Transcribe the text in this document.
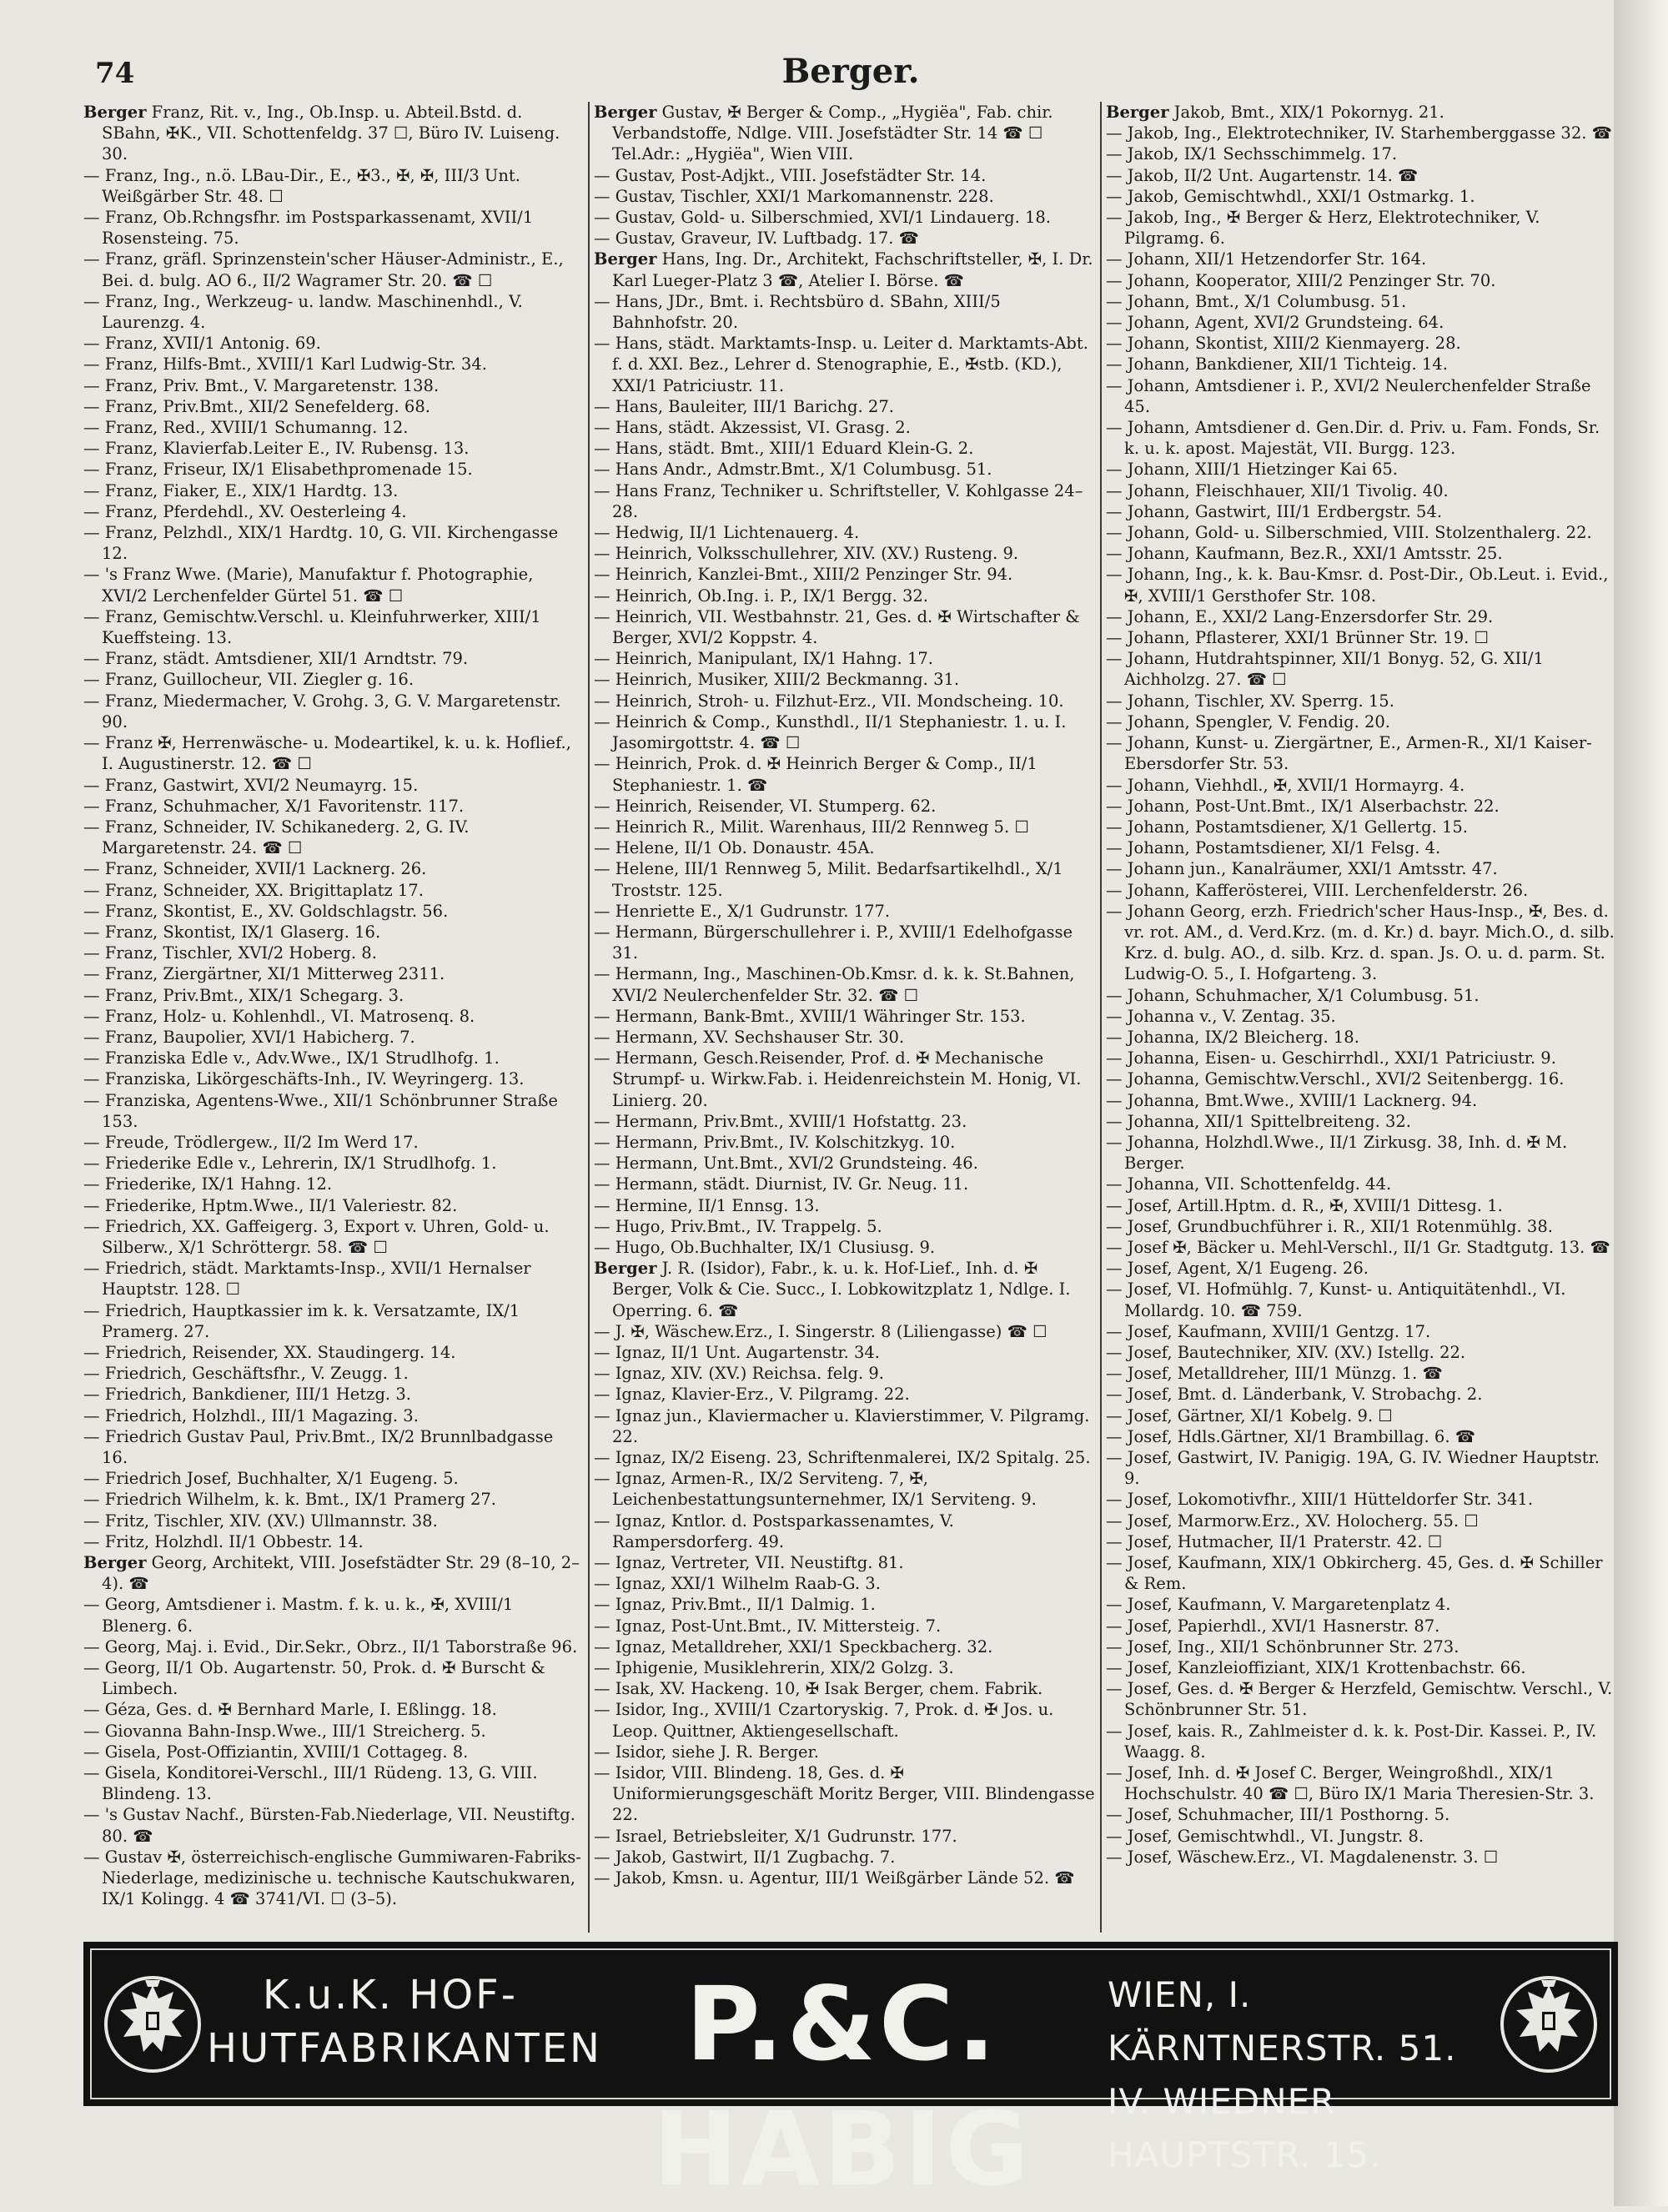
74	Berger.
Berger Franz, Rit. v., Ing., Ob.Insp. u. Abteil.Bstd. d. SBahn, ✠K., VII. Schottenfeldg. 37 ☐, Büro IV. Luiseng. 30.
— Franz, Ing., n.ö. LBau-Dir., E., ✠3., ✠, ✠, III/3 Unt. Weißgärber Str. 48. ☐
— Franz, Ob.Rchngsfhr. im Postsparkassenamt, XVII/1 Rosensteing. 75.
— Franz, gräfl. Sprinzenstein'scher Häuser-Administr., E., Bei. d. bulg. AO 6., II/2 Wagramer Str. 20. ☎ ☐
— Franz, Ing., Werkzeug- u. landw. Maschinenhdl., V. Laurenzg. 4.
— Franz, XVII/1 Antonig. 69.
— Franz, Hilfs-Bmt., XVIII/1 Karl Ludwig-Str. 34.
— Franz, Priv. Bmt., V. Margaretenstr. 138.
— Franz, Priv.Bmt., XII/2 Senefelderg. 68.
— Franz, Red., XVIII/1 Schumanng. 12.
— Franz, Klavierfab.Leiter E., IV. Rubensg. 13.
— Franz, Friseur, IX/1 Elisabethpromenade 15.
— Franz, Fiaker, E., XIX/1 Hardtg. 13.
— Franz, Pferdehdl., XV. Oesterleing 4.
— Franz, Pelzhdl., XIX/1 Hardtg. 10, G. VII. Kirchengasse 12.
— 's Franz Wwe. (Marie), Manufaktur f. Photographie, XVI/2 Lerchenfelder Gürtel 51. ☎ ☐
— Franz, Gemischtw.Verschl. u. Kleinfuhrwerker, XIII/1 Kueffsteing. 13.
— Franz, städt. Amtsdiener, XII/1 Arndtstr. 79.
— Franz, Guillocheur, VII. Ziegler g. 16.
— Franz, Miedermacher, V. Grohg. 3, G. V. Margaretenstr. 90.
— Franz ✠, Herrenwäsche- u. Modeartikel, k. u. k. Hoflief., I. Augustinerstr. 12. ☎ ☐
— Franz, Gastwirt, XVI/2 Neumayrg. 15.
— Franz, Schuhmacher, X/1 Favoritenstr. 117.
— Franz, Schneider, IV. Schikanederg. 2, G. IV. Margaretenstr. 24. ☎ ☐
— Franz, Schneider, XVII/1 Lacknerg. 26.
— Franz, Schneider, XX. Brigittaplatz 17.
— Franz, Skontist, E., XV. Goldschlagstr. 56.
— Franz, Skontist, IX/1 Glaserg. 16.
— Franz, Tischler, XVI/2 Hoberg. 8.
— Franz, Ziergärtner, XI/1 Mitterweg 2311.
— Franz, Priv.Bmt., XIX/1 Schegarg. 3.
— Franz, Holz- u. Kohlenhdl., VI. Matrosenq. 8.
— Franz, Baupolier, XVI/1 Habicherg. 7.
— Franziska Edle v., Adv.Wwe., IX/1 Strudlhofg. 1.
— Franziska, Likörgeschäfts-Inh., IV. Weyringerg. 13.
— Franziska, Agentens-Wwe., XII/1 Schönbrunner Straße 153.
— Freude, Trödlergew., II/2 Im Werd 17.
— Friederike Edle v., Lehrerin, IX/1 Strudlhofg. 1.
— Friederike, IX/1 Hahng. 12.
— Friederike, Hptm.Wwe., II/1 Valeriestr. 82.
— Friedrich, XX. Gaffeigerg. 3, Export v. Uhren, Gold- u. Silberw., X/1 Schröttergr. 58. ☎ ☐
— Friedrich, städt. Marktamts-Insp., XVII/1 Hernalser Hauptstr. 128. ☐
— Friedrich, Hauptkassier im k. k. Versatzamte, IX/1 Pramerg. 27.
— Friedrich, Reisender, XX. Staudingerg. 14.
— Friedrich, Geschäftsfhr., V. Zeugg. 1.
— Friedrich, Bankdiener, III/1 Hetzg. 3.
— Friedrich, Holzhdl., III/1 Magazing. 3.
— Friedrich Gustav Paul, Priv.Bmt., IX/2 Brunnlbadgasse 16.
— Friedrich Josef, Buchhalter, X/1 Eugeng. 5.
— Friedrich Wilhelm, k. k. Bmt., IX/1 Pramerg 27.
— Fritz, Tischler, XIV. (XV.) Ullmannstr. 38.
— Fritz, Holzhdl. II/1 Obbestr. 14.
Berger Georg, Architekt, VIII. Josefstädter Str. 29 (8–10, 2–4). ☎
— Georg, Amtsdiener i. Mastm. f. k. u. k., ✠, XVIII/1 Blenerg. 6.
— Georg, Maj. i. Evid., Dir.Sekr., Obrz., II/1 Taborstraße 96.
— Georg, II/1 Ob. Augartenstr. 50, Prok. d. ✠ Burscht & Limbech.
— Géza, Ges. d. ✠ Bernhard Marle, I. Eßlingg. 18.
— Giovanna Bahn-Insp.Wwe., III/1 Streicherg. 5.
— Gisela, Post-Offiziantin, XVIII/1 Cottageg. 8.
— Gisela, Konditorei-Verschl., III/1 Rüdeng. 13, G. VIII. Blindeng. 13.
— 's Gustav Nachf., Bürsten-Fab.Niederlage, VII. Neustiftg. 80. ☎
— Gustav ✠, österreichisch-englische Gummiwaren-Fabriks-Niederlage, medizinische u. technische Kautschukwaren, IX/1 Kolingg. 4 ☎ 3741/VI. ☐ (3–5).
Berger Gustav, ✠ Berger & Comp., „Hygiëa", Fab. chir. Verbandstoffe, Ndlge. VIII. Josefstädter Str. 14 ☎ ☐ Tel.Adr.: „Hygiëa", Wien VIII.
— Gustav, Post-Adjkt., VIII. Josefstädter Str. 14.
— Gustav, Tischler, XXI/1 Markomannenstr. 228.
— Gustav, Gold- u. Silberschmied, XVI/1 Lindauerg. 18.
— Gustav, Graveur, IV. Luftbadg. 17. ☎
Berger Hans, Ing. Dr., Architekt, Fachschriftsteller, ✠, I. Dr. Karl Lueger-Platz 3 ☎, Atelier I. Börse. ☎
— Hans, JDr., Bmt. i. Rechtsbüro d. SBahn, XIII/5 Bahnhofstr. 20.
— Hans, städt. Marktamts-Insp. u. Leiter d. Marktamts-Abt. f. d. XXI. Bez., Lehrer d. Stenographie, E., ✠stb. (KD.), XXI/1 Patriciustr. 11.
— Hans, Bauleiter, III/1 Barichg. 27.
— Hans, städt. Akzessist, VI. Grasg. 2.
— Hans, städt. Bmt., XIII/1 Eduard Klein-G. 2.
— Hans Andr., Admstr.Bmt., X/1 Columbusg. 51.
— Hans Franz, Techniker u. Schriftsteller, V. Kohlgasse 24–28.
— Hedwig, II/1 Lichtenauerg. 4.
— Heinrich, Volksschullehrer, XIV. (XV.) Rusteng. 9.
— Heinrich, Kanzlei-Bmt., XIII/2 Penzinger Str. 94.
— Heinrich, Ob.Ing. i. P., IX/1 Bergg. 32.
— Heinrich, VII. Westbahnstr. 21, Ges. d. ✠ Wirtschafter & Berger, XVI/2 Koppstr. 4.
— Heinrich, Manipulant, IX/1 Hahng. 17.
— Heinrich, Musiker, XIII/2 Beckmanng. 31.
— Heinrich, Stroh- u. Filzhut-Erz., VII. Mondscheing. 10.
— Heinrich & Comp., Kunsthdl., II/1 Stephaniestr. 1. u. I. Jasomirgottstr. 4. ☎ ☐
— Heinrich, Prok. d. ✠ Heinrich Berger & Comp., II/1 Stephaniestr. 1. ☎
— Heinrich, Reisender, VI. Stumperg. 62.
— Heinrich R., Milit. Warenhaus, III/2 Rennweg 5. ☐
— Helene, II/1 Ob. Donaustr. 45A.
— Helene, III/1 Rennweg 5, Milit. Bedarfsartikelhdl., X/1 Troststr. 125.
— Henriette E., X/1 Gudrunstr. 177.
— Hermann, Bürgerschullehrer i. P., XVIII/1 Edelhofgasse 31.
— Hermann, Ing., Maschinen-Ob.Kmsr. d. k. k. St.Bahnen, XVI/2 Neulerchenfelder Str. 32. ☎ ☐
— Hermann, Bank-Bmt., XVIII/1 Währinger Str. 153.
— Hermann, XV. Sechshauser Str. 30.
— Hermann, Gesch.Reisender, Prof. d. ✠ Mechanische Strumpf- u. Wirkw.Fab. i. Heidenreichstein M. Honig, VI. Linierg. 20.
— Hermann, Priv.Bmt., XVIII/1 Hofstattg. 23.
— Hermann, Priv.Bmt., IV. Kolschitzkyg. 10.
— Hermann, Unt.Bmt., XVI/2 Grundsteing. 46.
— Hermann, städt. Diurnist, IV. Gr. Neug. 11.
— Hermine, II/1 Ennsg. 13.
— Hugo, Priv.Bmt., IV. Trappelg. 5.
— Hugo, Ob.Buchhalter, IX/1 Clusiusg. 9.
Berger J. R. (Isidor), Fabr., k. u. k. Hof-Lief., Inh. d. ✠ Berger, Volk & Cie. Succ., I. Lobkowitzplatz 1, Ndlge. I. Operring. 6. ☎
— J. ✠, Wäschew.Erz., I. Singerstr. 8 (Liliengasse) ☎ ☐
— Ignaz, II/1 Unt. Augartenstr. 34.
— Ignaz, XIV. (XV.) Reichsa. felg. 9.
— Ignaz, Klavier-Erz., V. Pilgramg. 22.
— Ignaz jun., Klaviermacher u. Klavierstimmer, V. Pilgramg. 22.
— Ignaz, IX/2 Eiseng. 23, Schriftenmalerei, IX/2 Spitalg. 25.
— Ignaz, Armen-R., IX/2 Serviteng. 7, ✠, Leichenbestattungsunternehmer, IX/1 Serviteng. 9.
— Ignaz, Kntlor. d. Postsparkassenamtes, V. Rampersdorferg. 49.
— Ignaz, Vertreter, VII. Neustiftg. 81.
— Ignaz, XXI/1 Wilhelm Raab-G. 3.
— Ignaz, Priv.Bmt., II/1 Dalmig. 1.
— Ignaz, Post-Unt.Bmt., IV. Mittersteig. 7.
— Ignaz, Metalldreher, XXI/1 Speckbacherg. 32.
— Iphigenie, Musiklehrerin, XIX/2 Golzg. 3.
— Isak, XV. Hackeng. 10, ✠ Isak Berger, chem. Fabrik.
— Isidor, Ing., XVIII/1 Czartoryskig. 7, Prok. d. ✠ Jos. u. Leop. Quittner, Aktiengesellschaft.
— Isidor, siehe J. R. Berger.
— Isidor, VIII. Blindeng. 18, Ges. d. ✠ Uniformierungsgeschäft Moritz Berger, VIII. Blindengasse 22.
— Israel, Betriebsleiter, X/1 Gudrunstr. 177.
— Jakob, Gastwirt, II/1 Zugbachg. 7.
— Jakob, Kmsn. u. Agentur, III/1 Weißgärber Lände 52. ☎
Berger Jakob, Bmt., XIX/1 Pokornyg. 21.
— Jakob, Ing., Elektrotechniker, IV. Starhemberggasse 32. ☎
— Jakob, IX/1 Sechsschimmelg. 17.
— Jakob, II/2 Unt. Augartenstr. 14. ☎
— Jakob, Gemischtwhdl., XXI/1 Ostmarkg. 1.
— Jakob, Ing., ✠ Berger & Herz, Elektrotechniker, V. Pilgramg. 6.
— Johann, XII/1 Hetzendorfer Str. 164.
— Johann, Kooperator, XIII/2 Penzinger Str. 70.
— Johann, Bmt., X/1 Columbusg. 51.
— Johann, Agent, XVI/2 Grundsteing. 64.
— Johann, Skontist, XIII/2 Kienmayerg. 28.
— Johann, Bankdiener, XII/1 Tichteig. 14.
— Johann, Amtsdiener i. P., XVI/2 Neulerchenfelder Straße 45.
— Johann, Amtsdiener d. Gen.Dir. d. Priv. u. Fam. Fonds, Sr. k. u. k. apost. Majestät, VII. Burgg. 123.
— Johann, XIII/1 Hietzinger Kai 65.
— Johann, Fleischhauer, XII/1 Tivolig. 40.
— Johann, Gastwirt, III/1 Erdbergstr. 54.
— Johann, Gold- u. Silberschmied, VIII. Stolzenthalerg. 22.
— Johann, Kaufmann, Bez.R., XXI/1 Amtsstr. 25.
— Johann, Ing., k. k. Bau-Kmsr. d. Post-Dir., Ob.Leut. i. Evid., ✠, XVIII/1 Gersthofer Str. 108.
— Johann, E., XXI/2 Lang-Enzersdorfer Str. 29.
— Johann, Pflasterer, XXI/1 Brünner Str. 19. ☐
— Johann, Hutdrahtspinner, XII/1 Bonyg. 52, G. XII/1 Aichholzg. 27. ☎ ☐
— Johann, Tischler, XV. Sperrg. 15.
— Johann, Spengler, V. Fendig. 20.
— Johann, Kunst- u. Ziergärtner, E., Armen-R., XI/1 Kaiser-Ebersdorfer Str. 53.
— Johann, Viehhdl., ✠, XVII/1 Hormayrg. 4.
— Johann, Post-Unt.Bmt., IX/1 Alserbachstr. 22.
— Johann, Postamtsdiener, X/1 Gellertg. 15.
— Johann, Postamtsdiener, XI/1 Felsg. 4.
— Johann jun., Kanalräumer, XXI/1 Amtsstr. 47.
— Johann, Kafferösterei, VIII. Lerchenfelderstr. 26.
— Johann Georg, erzh. Friedrich'scher Haus-Insp., ✠, Bes. d. vr. rot. AM., d. Verd.Krz. (m. d. Kr.) d. bayr. Mich.O., d. silb. Krz. d. bulg. AO., d. silb. Krz. d. span. Js. O. u. d. parm. St. Ludwig-O. 5., I. Hofgarteng. 3.
— Johann, Schuhmacher, X/1 Columbusg. 51.
— Johanna v., V. Zentag. 35.
— Johanna, IX/2 Bleicherg. 18.
— Johanna, Eisen- u. Geschirrhdl., XXI/1 Patriciustr. 9.
— Johanna, Gemischtw.Verschl., XVI/2 Seitenbergg. 16.
— Johanna, Bmt.Wwe., XVIII/1 Lacknerg. 94.
— Johanna, XII/1 Spittelbreiteng. 32.
— Johanna, Holzhdl.Wwe., II/1 Zirkusg. 38, Inh. d. ✠ M. Berger.
— Johanna, VII. Schottenfeldg. 44.
— Josef, Artill.Hptm. d. R., ✠, XVIII/1 Dittesg. 1.
— Josef, Grundbuchführer i. R., XII/1 Rotenmühlg. 38.
— Josef ✠, Bäcker u. Mehl-Verschl., II/1 Gr. Stadtgutg. 13. ☎
— Josef, Agent, X/1 Eugeng. 26.
— Josef, VI. Hofmühlg. 7, Kunst- u. Antiquitätenhdl., VI. Mollardg. 10. ☎ 759.
— Josef, Kaufmann, XVIII/1 Gentzg. 17.
— Josef, Bautechniker, XIV. (XV.) Istellg. 22.
— Josef, Metalldreher, III/1 Münzg. 1. ☎
— Josef, Bmt. d. Länderbank, V. Strobachg. 2.
— Josef, Gärtner, XI/1 Kobelg. 9. ☐
— Josef, Hdls.Gärtner, XI/1 Brambillag. 6. ☎
— Josef, Gastwirt, IV. Panigig. 19A, G. IV. Wiedner Hauptstr. 9.
— Josef, Lokomotivfhr., XIII/1 Hütteldorfer Str. 341.
— Josef, Marmorw.Erz., XV. Holocherg. 55. ☐
— Josef, Hutmacher, II/1 Praterstr. 42. ☐
— Josef, Kaufmann, XIX/1 Obkircherg. 45, Ges. d. ✠ Schiller & Rem.
— Josef, Kaufmann, V. Margaretenplatz 4.
— Josef, Papierhdl., XVI/1 Hasnerstr. 87.
— Josef, Ing., XII/1 Schönbrunner Str. 273.
— Josef, Kanzleioffiziant, XIX/1 Krottenbachstr. 66.
— Josef, Ges. d. ✠ Berger & Herzfeld, Gemischtw. Verschl., V. Schönbrunner Str. 51.
— Josef, kais. R., Zahlmeister d. k. k. Post-Dir. Kassei. P., IV. Waagg. 8.
— Josef, Inh. d. ✠ Josef C. Berger, Weingroßhdl., XIX/1 Hochschulstr. 40 ☎ ☐, Büro IX/1 Maria Theresien-Str. 3.
— Josef, Schuhmacher, III/1 Posthorng. 5.
— Josef, Gemischtwhdl., VI. Jungstr. 8.
— Josef, Wäschew.Erz., VI. Magdalenenstr. 3. ☐
K.u.K. HOF-
HUTFABRIKANTEN P.&C. HABIG
WIEN, I. KÄRNTNERSTR. 51.
IV. WIEDNER HAUPTSTR. 15.
